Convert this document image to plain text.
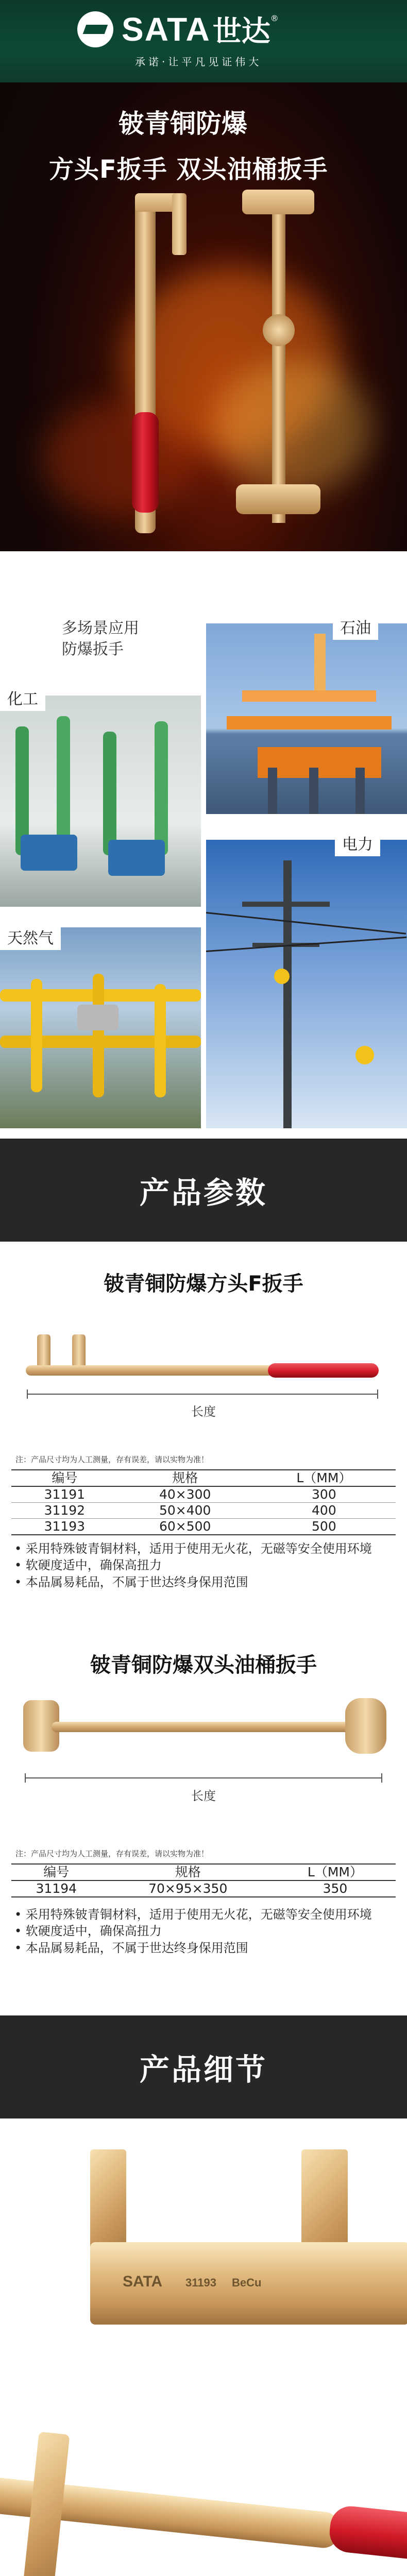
SATA 世达 ®
承诺·让平凡见证伟大
铍青铜防爆
方头F扳手 双头油桶扳手
多场景应用
防爆扳手
石油
化工
电力
天然气
产品参数
铍青铜防爆方头F扳手
长度
注：产品尺寸均为人工测量，存有误差，请以实物为准！
编号	规格	L（MM）
31191	40×300	300
31192	50×400	400
31193	60×500	500
• 采用特殊铍青铜材料，适用于使用无火花，无磁等安全使用环境
• 软硬度适中，确保高扭力
• 本品属易耗品，不属于世达终身保用范围
铍青铜防爆双头油桶扳手
长度
注：产品尺寸均为人工测量，存有误差，请以实物为准！
编号	规格	L（MM）
31194	70×95×350	350
• 采用特殊铍青铜材料，适用于使用无火花，无磁等安全使用环境
• 软硬度适中，确保高扭力
• 本品属易耗品，不属于世达终身保用范围
产品细节
SATA 31193 BeCu
